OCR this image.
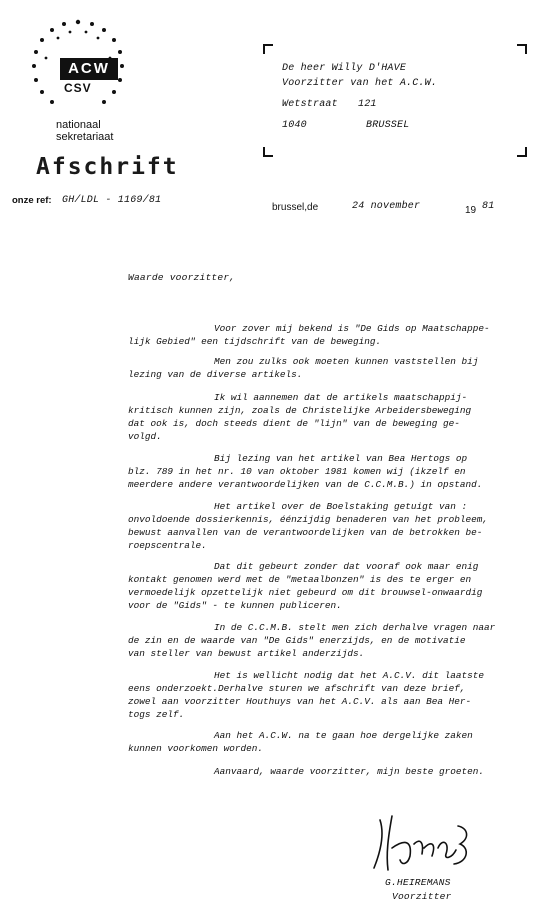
ACW
CSV
nationaal
sekretariaat
Afschrift
onze ref: GH/LDL - 1169/81
brussel,de	24 november	19 81
De heer Willy D'HAVE
Voorzitter van het A.C.W.
Wetstraat 121
1040	BRUSSEL
Waarde voorzitter,
Voor zover mij bekend is "De Gids op Maatschappe-
lijk Gebied" een tijdschrift van de beweging.
Men zou zulks ook moeten kunnen vaststellen bij
lezing van de diverse artikels.
Ik wil aannemen dat de artikels maatschappij-
kritisch kunnen zijn, zoals de Christelijke Arbeidersbeweging
dat ook is, doch steeds dient de "lijn" van de beweging ge-
volgd.
Bij lezing van het artikel van Bea Hertogs op
blz. 789 in het nr. 10 van oktober 1981 komen wij (ikzelf en
meerdere andere verantwoordelijken van de C.C.M.B.) in opstand.
Het artikel over de Boelstaking getuigt van :
onvoldoende dossierkennis, éénzijdig benaderen van het probleem,
bewust aanvallen van de verantwoordelijken van de betrokken be-
roepscentrale.
Dat dit gebeurt zonder dat vooraf ook maar enig
kontakt genomen werd met de "metaalbonzen" is des te erger en
vermoedelijk opzettelijk niet gebeurd om dit brouwsel-onwaardig
voor de "Gids" - te kunnen publiceren.
In de C.C.M.B. stelt men zich derhalve vragen naar
de zin en de waarde van "De Gids" enerzijds, en de motivatie
van steller van bewust artikel anderzijds.
Het is wellicht nodig dat het A.C.V. dit laatste
eens onderzoekt.Derhalve sturen we afschrift van deze brief,
zowel aan voorzitter Houthuys van het A.C.V. als aan Bea Her-
togs zelf.
Aan het A.C.W. na te gaan hoe dergelijke zaken
kunnen voorkomen worden.
Aanvaard, waarde voorzitter, mijn beste groeten.
G.HEIREMANS
Voorzitter
